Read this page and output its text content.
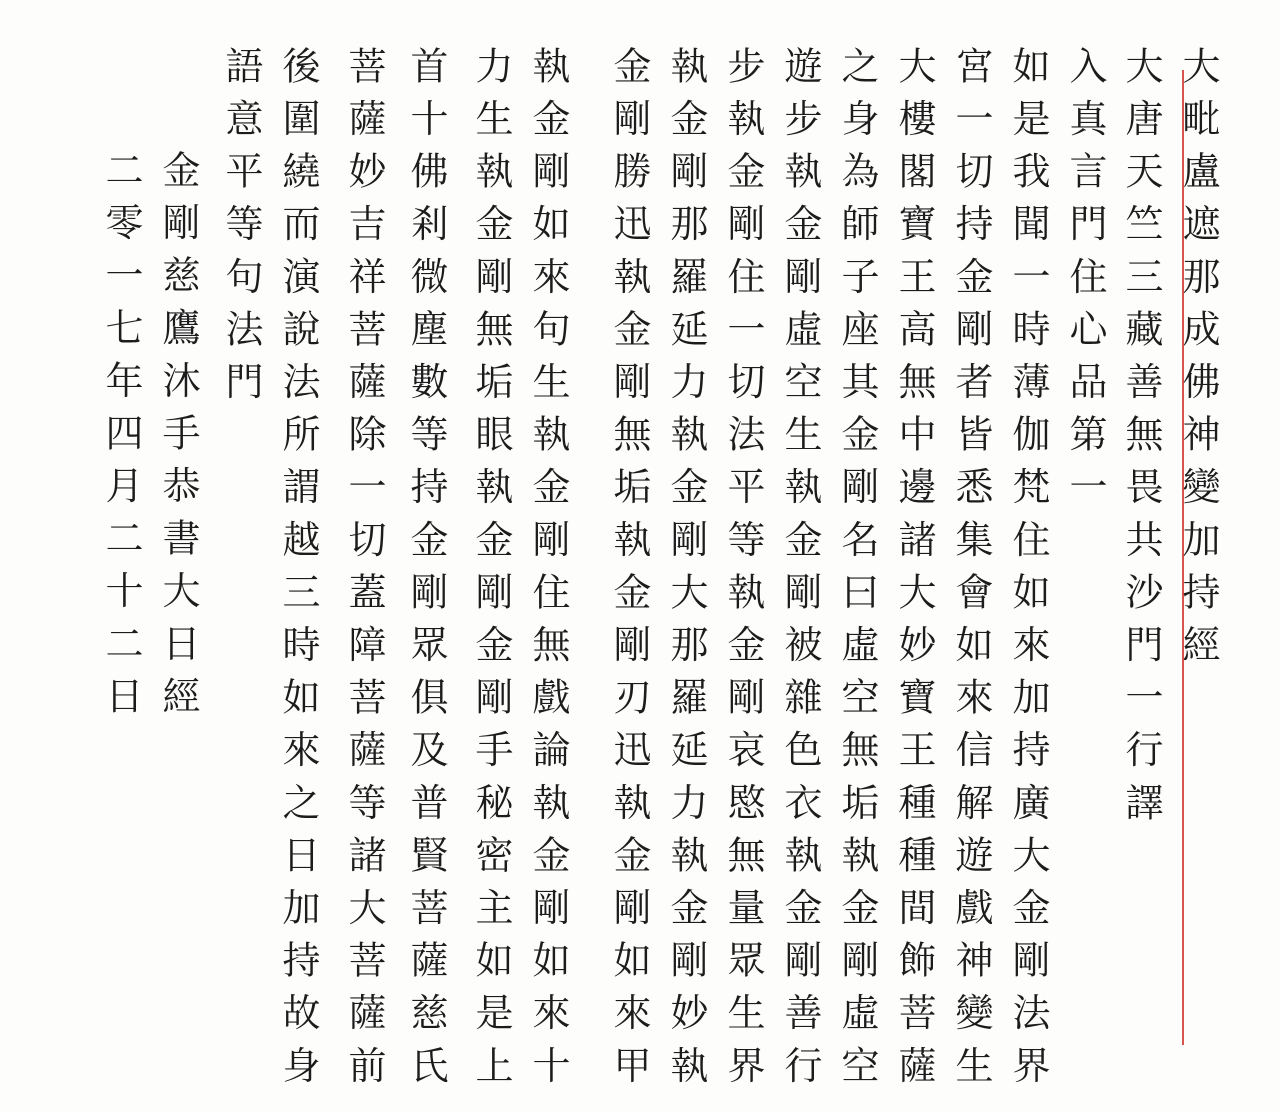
大毗盧遮那成佛神變加持經
大唐天竺三藏善無畏共沙門一行譯
入真言門住心品第一
如是我聞一時薄伽梵住如來加持廣大金剛法界
宮一切持金剛者皆悉集會如來信解遊戲神變生
大樓閣寶王高無中邊諸大妙寶王種種間飾菩薩
之身為師子座其金剛名曰虛空無垢執金剛虛空
遊步執金剛虛空生執金剛被雜色衣執金剛善行
步執金剛住一切法平等執金剛哀愍無量眾生界
執金剛那羅延力執金剛大那羅延力執金剛妙執
金剛勝迅執金剛無垢執金剛刃迅執金剛如來甲
執金剛如來句生執金剛住無戲論執金剛如來十
力生執金剛無垢眼執金剛金剛手秘密主如是上
首十佛剎微塵數等持金剛眾俱及普賢菩薩慈氏
菩薩妙吉祥菩薩除一切蓋障菩薩等諸大菩薩前
後圍繞而演說法所謂越三時如來之日加持故身
語意平等句法門
金剛慈鷹沐手恭書大日經
二零一七年四月二十二日
